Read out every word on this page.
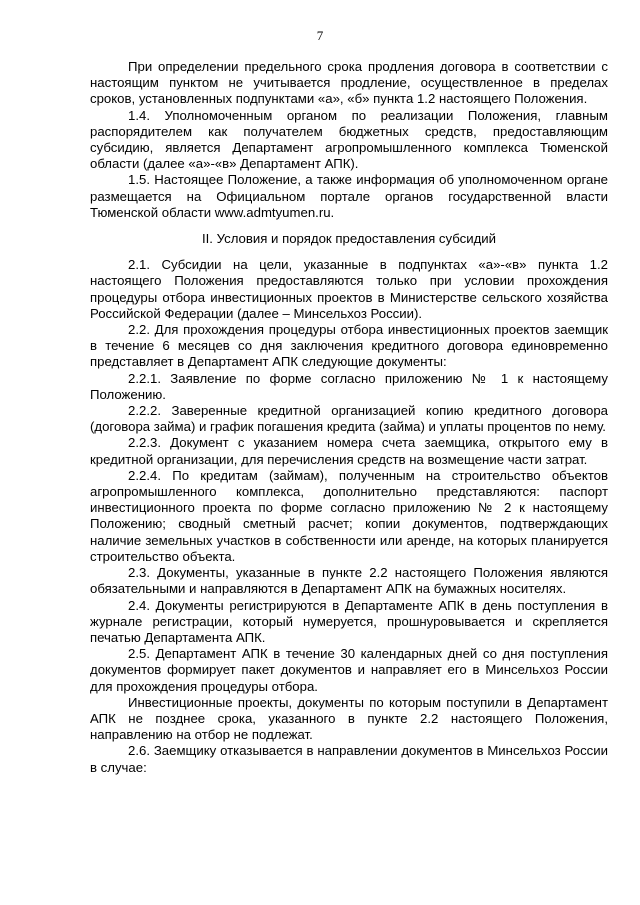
7

При определении предельного срока продления договора в соответствии с настоящим пунктом не учитывается продление, осуществленное в пределах сроков, установленных подпунктами «а», «б» пункта 1.2 настоящего Положения.

1.4. Уполномоченным органом по реализации Положения, главным распорядителем как получателем бюджетных средств, предоставляющим субсидию, является Департамент агропромышленного комплекса Тюменской области (далее «а»-«в» Департамент АПК).

1.5. Настоящее Положение, а также информация об уполномоченном органе размещается на Официальном портале органов государственной власти Тюменской области www.admtyumen.ru.

II. Условия и порядок предоставления субсидий

2.1. Субсидии на цели, указанные в подпунктах «а»-«в» пункта 1.2 настоящего Положения предоставляются только при условии прохождения процедуры отбора инвестиционных проектов в Министерстве сельского хозяйства Российской Федерации (далее – Минсельхоз России).

2.2. Для прохождения процедуры отбора инвестиционных проектов заемщик в течение 6 месяцев со дня заключения кредитного договора единовременно представляет в Департамент АПК следующие документы:

2.2.1. Заявление по форме согласно приложению № 1 к настоящему Положению.

2.2.2. Заверенные кредитной организацией копию кредитного договора (договора займа) и график погашения кредита (займа) и уплаты процентов по нему.

2.2.3. Документ с указанием номера счета заемщика, открытого ему в кредитной организации, для перечисления средств на возмещение части затрат.

2.2.4. По кредитам (займам), полученным на строительство объектов агропромышленного комплекса, дополнительно представляются: паспорт инвестиционного проекта по форме согласно приложению № 2 к настоящему Положению; сводный сметный расчет; копии документов, подтверждающих наличие земельных участков в собственности или аренде, на которых планируется строительство объекта.

2.3. Документы, указанные в пункте 2.2 настоящего Положения являются обязательными и направляются в Департамент АПК на бумажных носителях.

2.4. Документы регистрируются в Департаменте АПК в день поступления в журнале регистрации, который нумеруется, прошнуровывается и скрепляется печатью Департамента АПК.

2.5. Департамент АПК в течение 30 календарных дней со дня поступления документов формирует пакет документов и направляет его в Минсельхоз России для прохождения процедуры отбора.

Инвестиционные проекты, документы по которым поступили в Департамент АПК не позднее срока, указанного в пункте 2.2 настоящего Положения, направлению на отбор не подлежат.

2.6. Заемщику отказывается в направлении документов в Минсельхоз России в случае:
